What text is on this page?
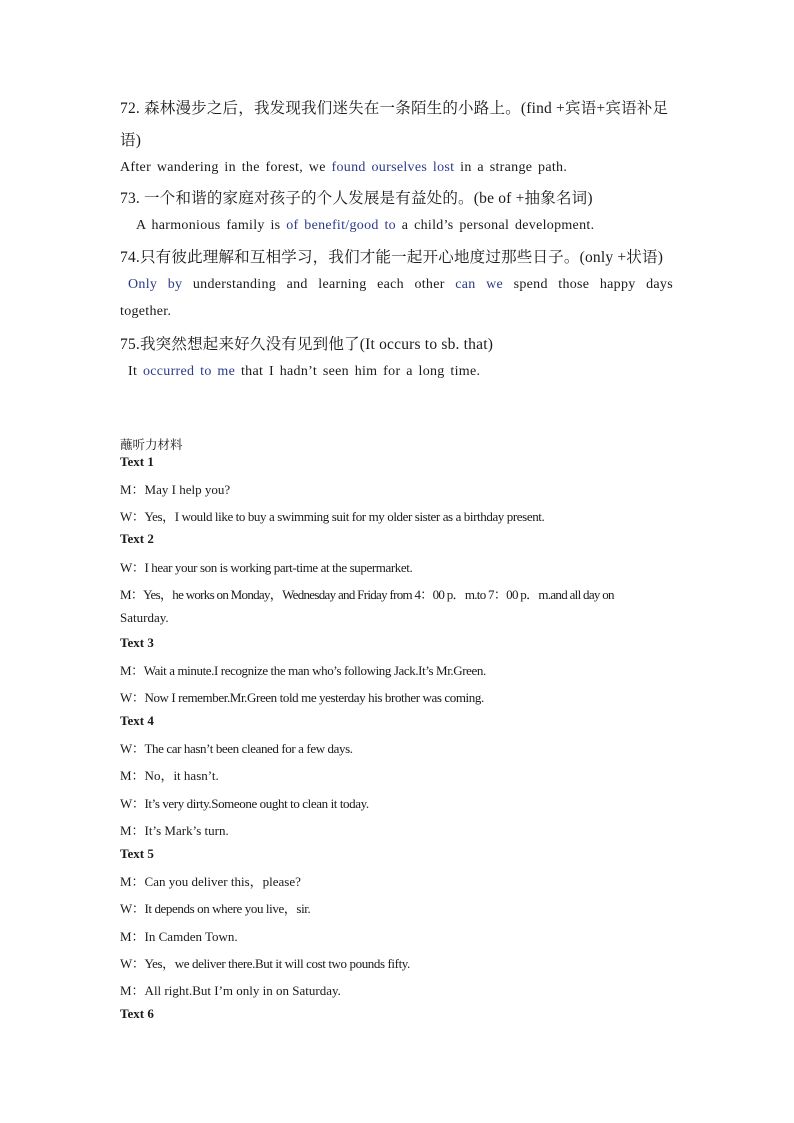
72. 森林漫步之后，我发现我们迷失在一条陌生的小路上。(find +宾语+宾语补足
语)
After wandering in the forest, we found ourselves lost in a strange path.
73. 一个和谐的家庭对孩子的个人发展是有益处的。(be of +抽象名词)
A harmonious family is of benefit/good to a child’s personal development.
74.只有彼此理解和互相学习，我们才能一起开心地度过那些日子。(only +状语)
Only by understanding and learning each other can we spend those happy days
together.
75.我突然想起来好久没有见到他了(It occurs to sb. that)
It occurred to me that I hadn’t seen him for a long time.
蘸听力材料
Text 1
M：May I help you?
W：Yes，I would like to buy a swimming suit for my older sister as a birthday present.
Text 2
W：I hear your son is working part-time at the supermarket.
M：Yes，he works on Monday，Wednesday and Friday from 4：00 p．m.to 7：00 p．m.and all day on
Saturday.
Text 3
M：Wait a minute.I recognize the man who’s following Jack.It’s Mr.Green.
W：Now I remember.Mr.Green told me yesterday his brother was coming.
Text 4
W：The car hasn’t been cleaned for a few days.
M：No，it hasn’t.
W：It’s very dirty.Someone ought to clean it today.
M：It’s Mark’s turn.
Text 5
M：Can you deliver this，please?
W：It depends on where you live，sir.
M：In Camden Town.
W：Yes，we deliver there.But it will cost two pounds fifty.
M：All right.But I’m only in on Saturday.
Text 6
